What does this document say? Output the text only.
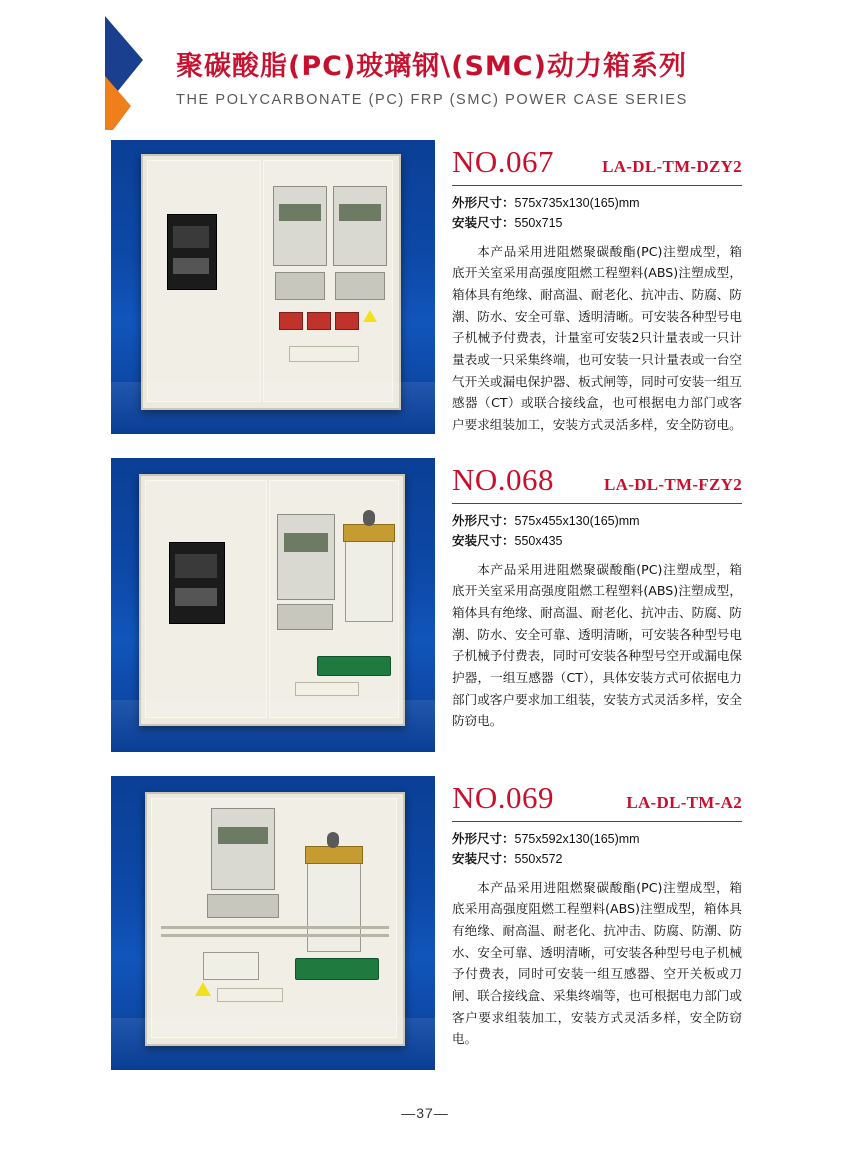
聚碳酸脂(PC)玻璃钢\(SMC)动力箱系列
THE POLYCARBONATE (PC) FRP (SMC) POWER CASE SERIES
NO.067	LA-DL-TM-DZY2
外形尺寸：575x735x130(165)mm
安装尺寸：550x715
本产品采用进阻燃聚碳酸酯(PC)注塑成型，箱底开关室采用高强度阻燃工程塑料(ABS)注塑成型，箱体具有绝缘、耐高温、耐老化、抗冲击、防腐、防潮、防水、安全可靠、透明清晰。可安装各种型号电子机械予付费表，计量室可安装2只计量表或一只计量表或一只采集终端，也可安装一只计量表或一台空气开关或漏电保护器、板式闸等，同时可安装一组互感器（CT）或联合接线盒，也可根据电力部门或客户要求组装加工，安装方式灵活多样，安全防窃电。
NO.068	LA-DL-TM-FZY2
外形尺寸：575x455x130(165)mm
安装尺寸：550x435
本产品采用进阻燃聚碳酸酯(PC)注塑成型，箱底开关室采用高强度阻燃工程塑料(ABS)注塑成型，箱体具有绝缘、耐高温、耐老化、抗冲击、防腐、防潮、防水、安全可靠、透明清晰，可安装各种型号电子机械予付费表，同时可安装各种型号空开或漏电保护器，一组互感器（CT），具体安装方式可依据电力部门或客户要求加工组装，安装方式灵活多样，安全防窃电。
NO.069	LA-DL-TM-A2
外形尺寸：575x592x130(165)mm
安装尺寸：550x572
本产品采用进阻燃聚碳酸酯(PC)注塑成型，箱底采用高强度阻燃工程塑料(ABS)注塑成型，箱体具有绝缘、耐高温、耐老化、抗冲击、防腐、防潮、防水、安全可靠、透明清晰，可安装各种型号电子机械予付费表，同时可安装一组互感器、空开关板或刀闸、联合接线盒、采集终端等，也可根据电力部门或客户要求组装加工，安装方式灵活多样，安全防窃电。
—37—
